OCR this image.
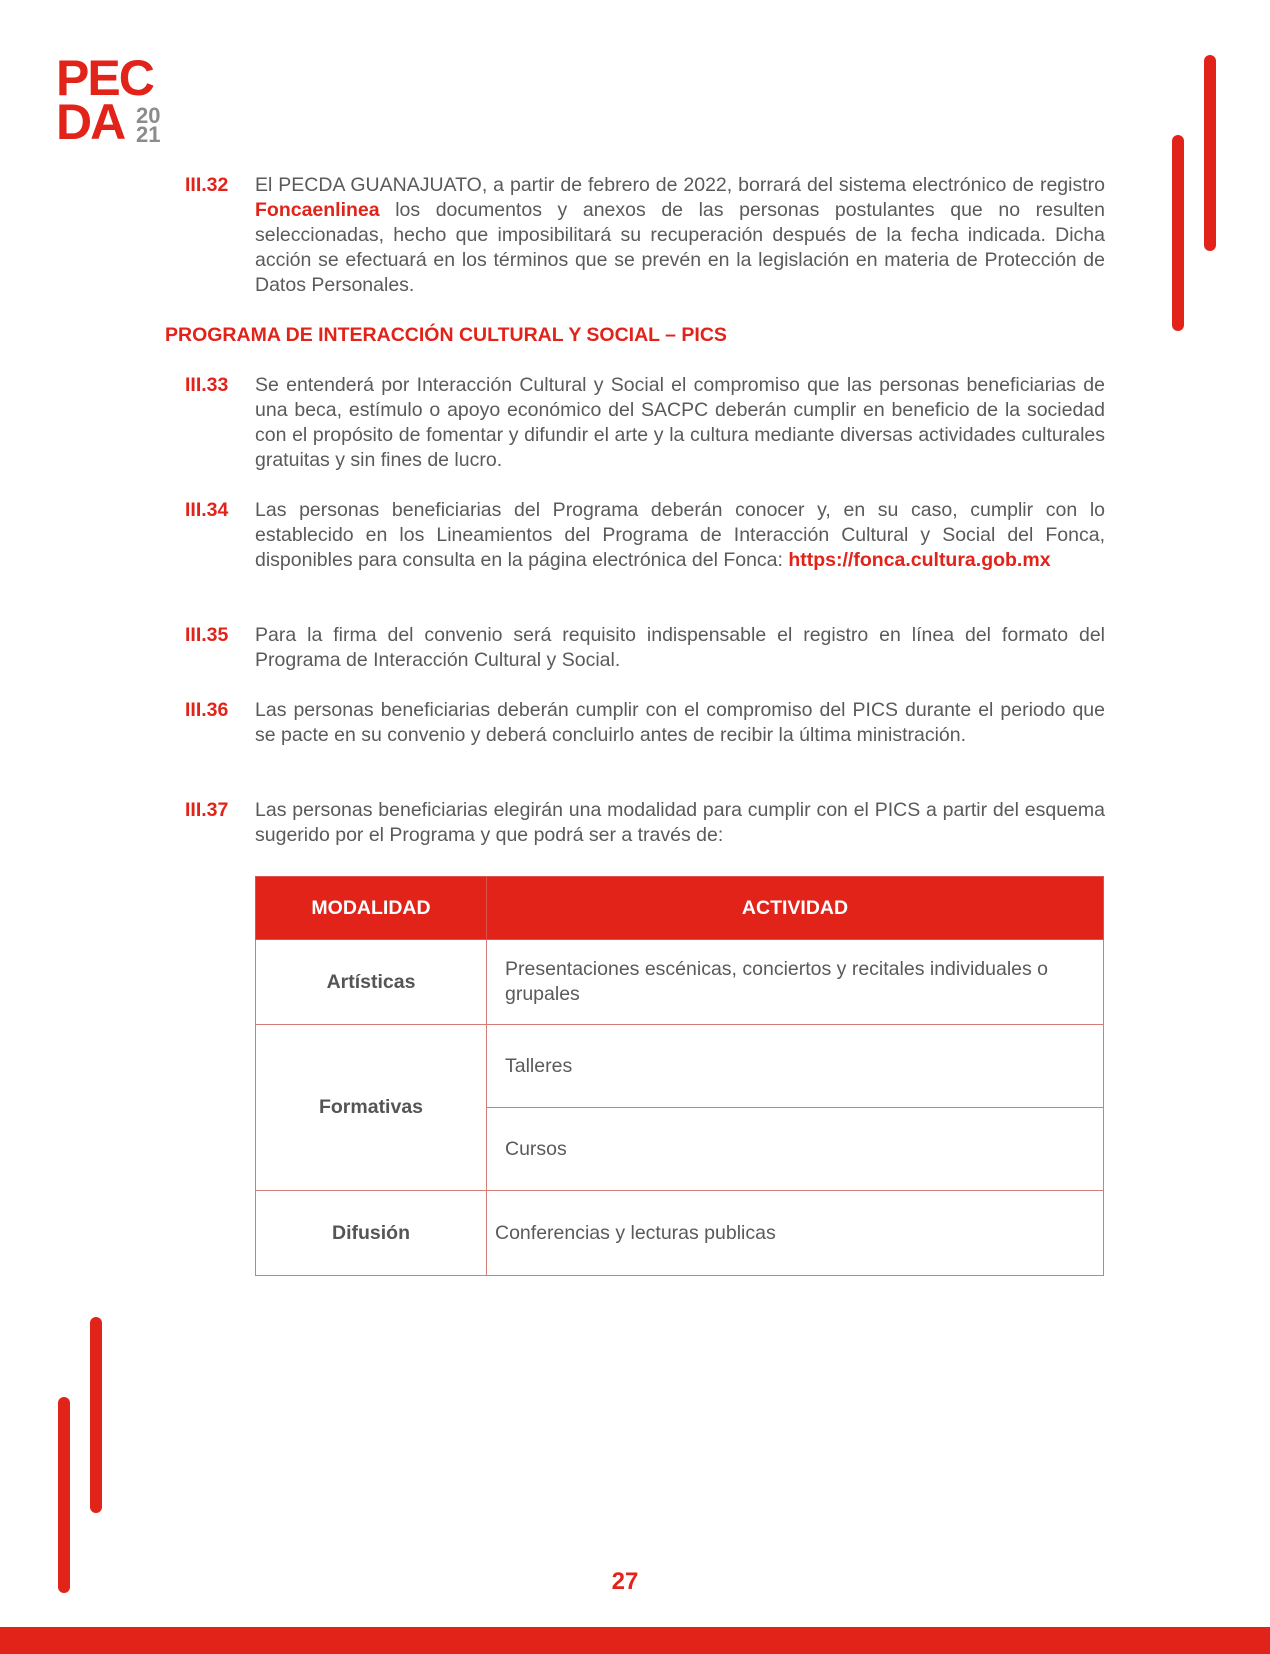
PEC
DA 20
21
III.32 El PECDA GUANAJUATO, a partir de febrero de 2022, borrará del sistema electrónico de registro Foncaenlinea los documentos y anexos de las personas postulantes que no resulten seleccionadas, hecho que imposibilitará su recuperación después de la fecha indicada. Dicha acción se efectuará en los términos que se prevén en la legislación en materia de Protección de Datos Personales.
PROGRAMA DE INTERACCIÓN CULTURAL Y SOCIAL – PICS
III.33 Se entenderá por Interacción Cultural y Social el compromiso que las personas beneficiarias de una beca, estímulo o apoyo económico del SACPC deberán cumplir en beneficio de la sociedad con el propósito de fomentar y difundir el arte y la cultura mediante diversas actividades culturales gratuitas y sin fines de lucro.
III.34 Las personas beneficiarias del Programa deberán conocer y, en su caso, cumplir con lo establecido en los Lineamientos del Programa de Interacción Cultural y Social del Fonca, disponibles para consulta en la página electrónica del Fonca: https://fonca.cultura.gob.mx
III.35 Para la firma del convenio será requisito indispensable el registro en línea del formato del Programa de Interacción Cultural y Social.
III.36 Las personas beneficiarias deberán cumplir con el compromiso del PICS durante el periodo que se pacte en su convenio y deberá concluirlo antes de recibir la última ministración.
III.37 Las personas beneficiarias elegirán una modalidad para cumplir con el PICS a partir del esquema sugerido por el Programa y que podrá ser a través de:
MODALIDAD	ACTIVIDAD
Artísticas	Presentaciones escénicas, conciertos y recitales individuales o grupales
Formativas	Talleres
	Cursos
Difusión	Conferencias y lecturas publicas
27
